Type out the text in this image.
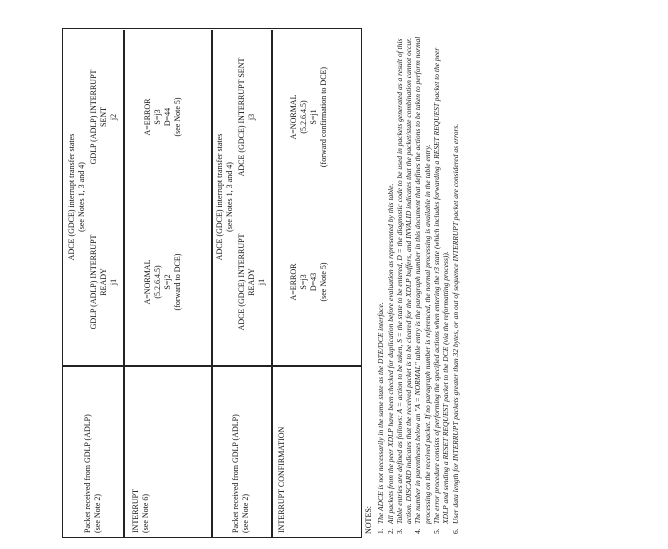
Packet received from GDLP (ADLP) (see Note 2)
ADCE (GDCE) interrupt transfer states (see Notes 1, 3 and 4)
GDLP (ADLP) INTERRUPT READY j1
GDLP (ADLP) INTERRUPT SENT j2
INTERRUPT (see Note 6)
A=NORMAL (5.2.6.4.5) S=j2 (forward to DCE)
A=ERROR S=j3 D=44 (see Note 5)
Packet received from GDLP (ADLP) (see Note 2)
ADCE (GDCE) interrupt transfer states (see Notes 1, 3 and 4)
ADCE (GDCE) INTERRUPT READY j1
ADCE (GDCE) INTERRUPT SENT j3
INTERRUPT CONFIRMATION
A=ERROR S=j3 D=43 (see Note 5)
A=NORMAL (5.2.6.4.5) S=j1 (forward confirmation to DCE)
NOTES: 1.
The ADCE is not necessarily in the same state as the DTE/DCE interface.
2.
All packets from the peer XDLP have been checked for duplication before evaluation as represented by this table.
3.
Table entries are defined as follows: A = action to be taken, S = the state to be entered, D = the diagnostic code to be used in packets generated as a result of this action. DISCARD indicates that the received packet is to be cleared for the XDLP buffers, and INVALID indicates that the packet/state combination cannot occur.
4.
The number in parentheses below an "A = NORMAL" table entry is the paragraph number in this document that defines the actions to be taken to perform normal processing on the received packet. If no paragraph number is referenced, the normal processing is available in the table entry.
5.
The error procedure consists of performing the specified actions when entering the r3 state (which includes forwarding a RESET REQUEST packet to the peer XDLP and sending a RESET REQUEST packet to the DCE (via the reformatting process)).
6.
User data length for INTERRUPT packets greater than 32 bytes, or an out of sequence INTERRUPT packet are considered as errors.
